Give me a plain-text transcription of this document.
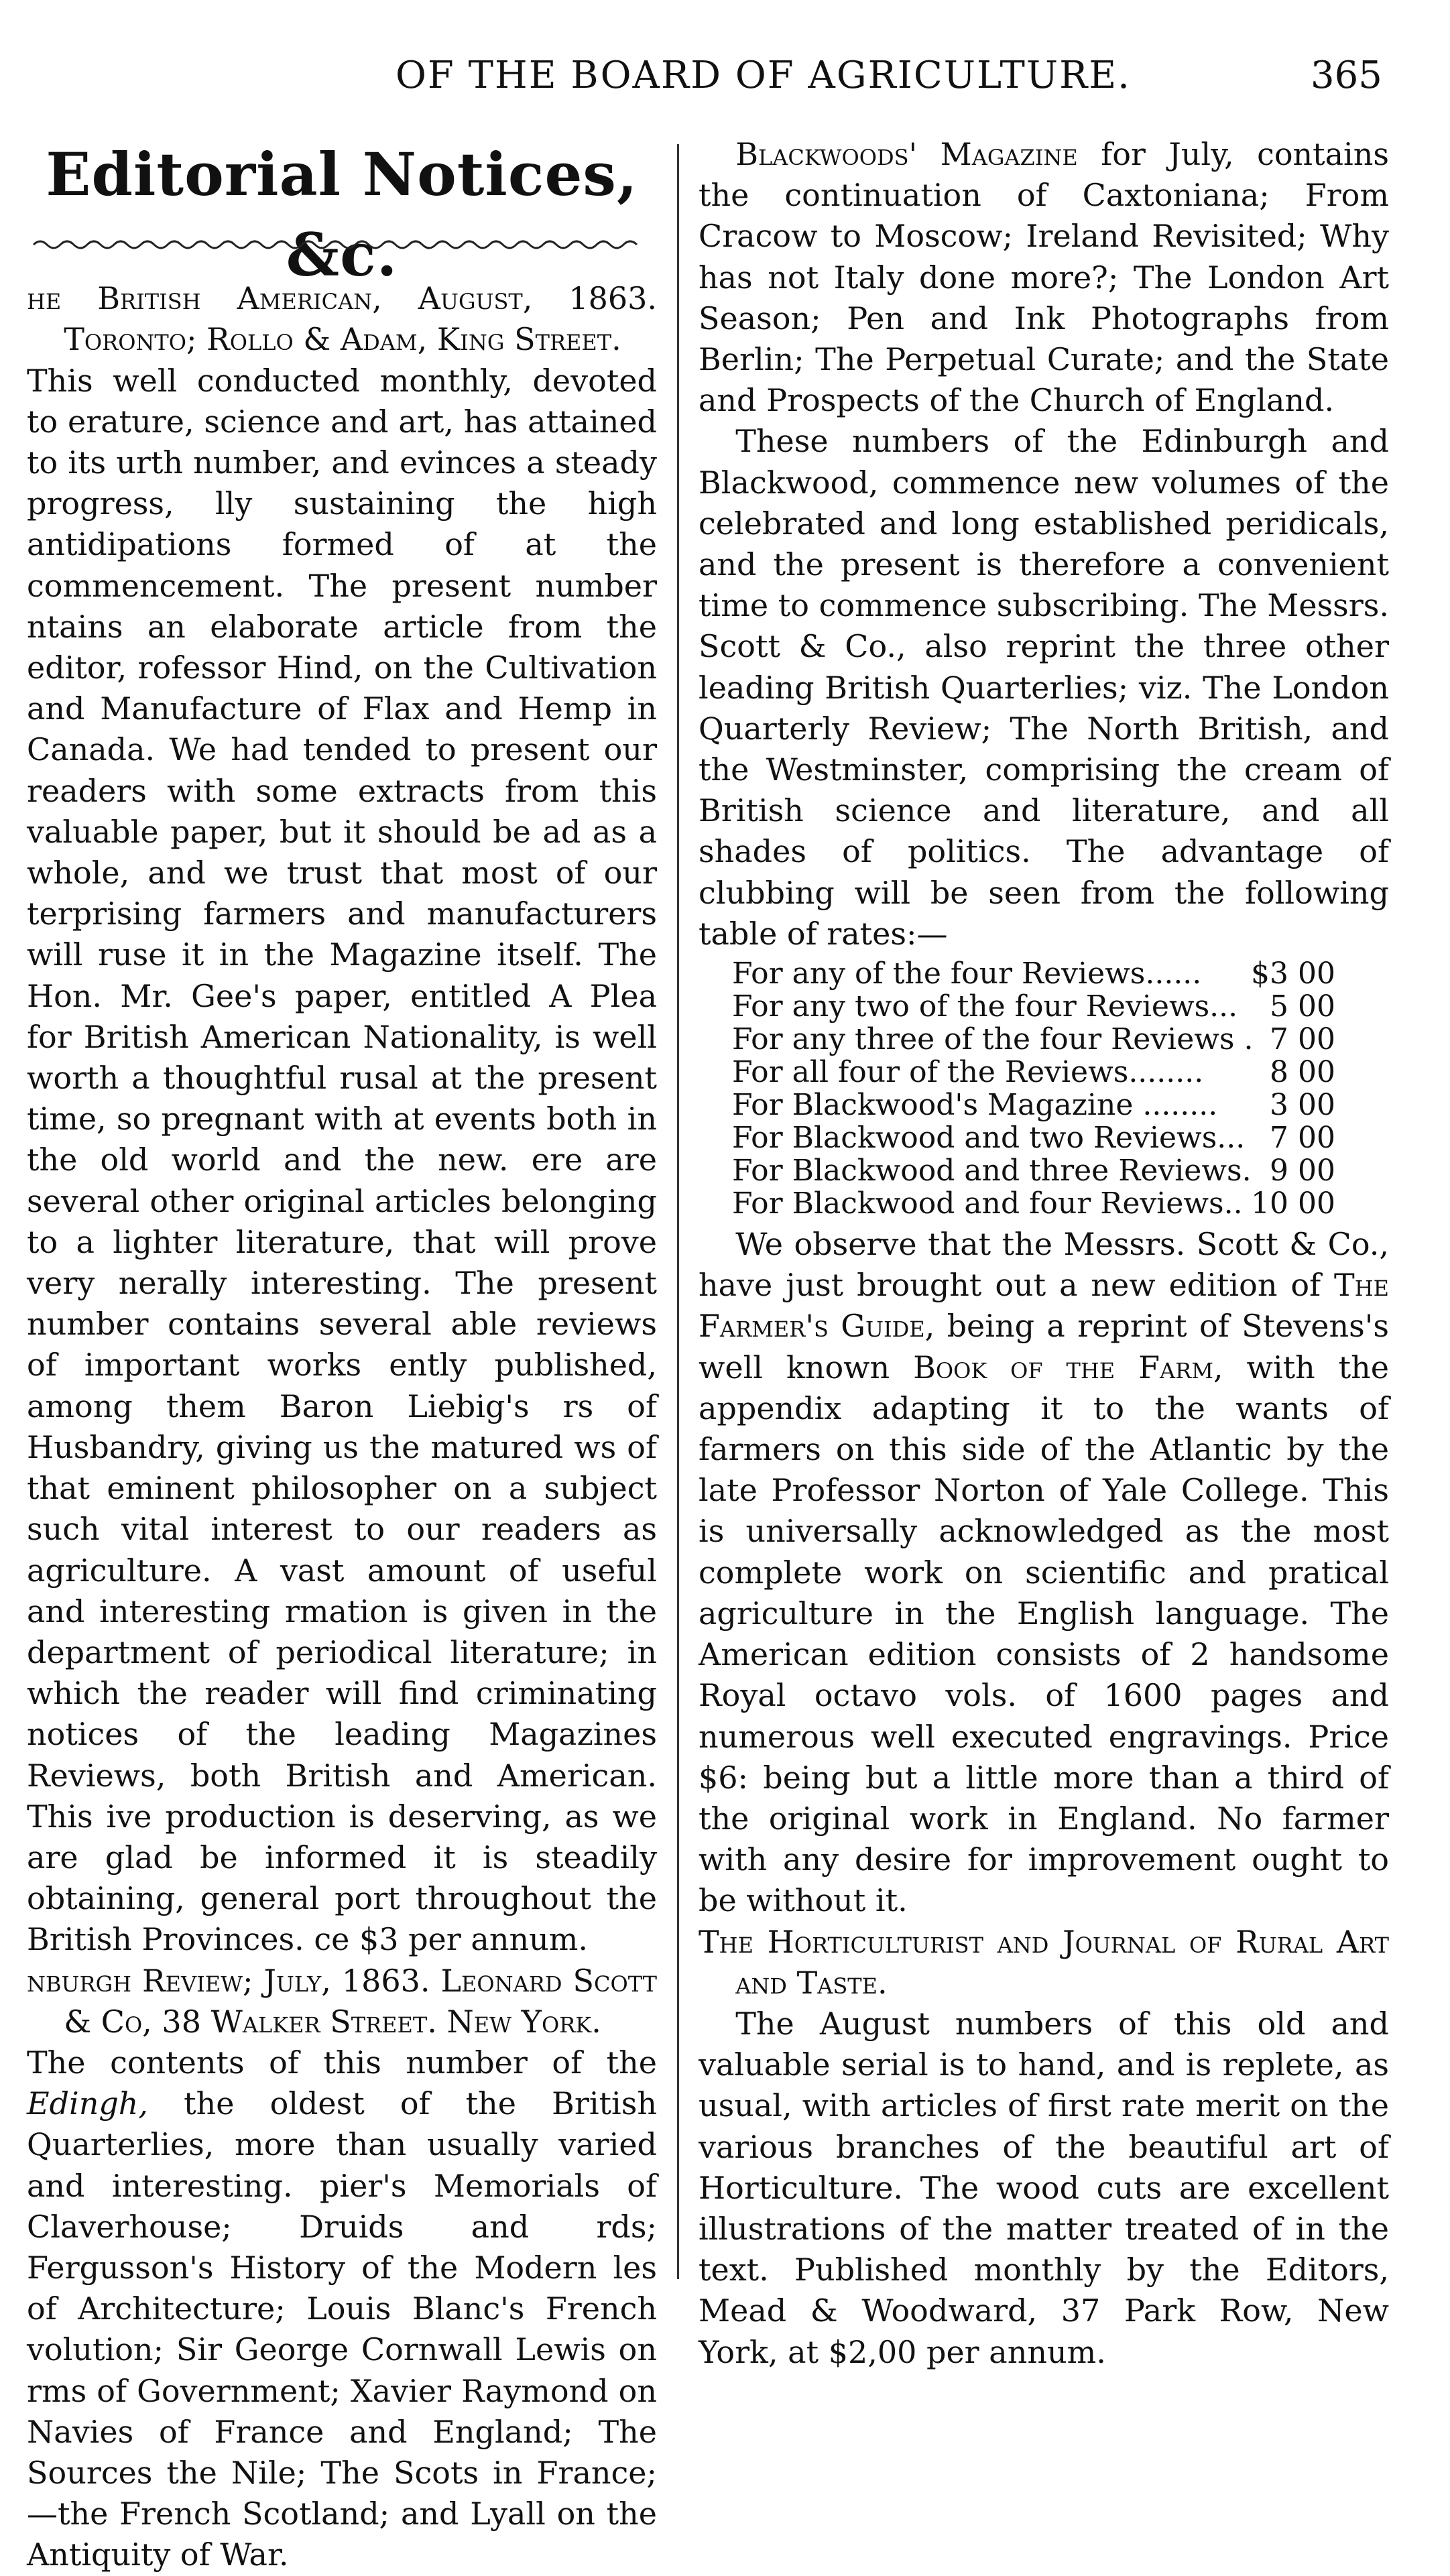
OF THE BOARD OF AGRICULTURE.	365
Editorial Notices, &c.

he British American, August, 1863. Toronto; Rollo & Adam, King Street.

This well conducted monthly, devoted to erature, science and art, has attained to its urth number, and evinces a steady progress, lly sustaining the high antidipations formed of at the commencement. The present number ntains an elaborate article from the editor, rofessor Hind, on the Cultivation and Manufacture of Flax and Hemp in Canada. We had tended to present our readers with some extracts from this valuable paper, but it should be ad as a whole, and we trust that most of our terprising farmers and manufacturers will ruse it in the Magazine itself. The Hon. Mr. Gee's paper, entitled A Plea for British American Nationality, is well worth a thoughtful rusal at the present time, so pregnant with at events both in the old world and the new. ere are several other original articles belonging to a lighter literature, that will prove very nerally interesting. The present number contains several able reviews of important works ently published, among them Baron Liebig's rs of Husbandry, giving us the matured ws of that eminent philosopher on a subject such vital interest to our readers as agriculture. A vast amount of useful and interesting rmation is given in the department of periodical literature; in which the reader will find criminating notices of the leading Magazines Reviews, both British and American. This ive production is deserving, as we are glad be informed it is steadily obtaining, general port throughout the British Provinces. ce $3 per annum.

nburgh Review; July, 1863. Leonard Scott & Co, 38 Walker Street. New York.

The contents of this number of the Edingh, the oldest of the British Quarterlies, more than usually varied and interesting. pier's Memorials of Claverhouse; Druids and rds; Fergusson's History of the Modern les of Architecture; Louis Blanc's French volution; Sir George Cornwall Lewis on rms of Government; Xavier Raymond on Navies of France and England; The Sources the Nile; The Scots in France;—the French Scotland; and Lyall on the Antiquity of War.

Blackwoods' Magazine for July, contains the continuation of Caxtoniana; From Cracow to Moscow; Ireland Revisited; Why has not Italy done more?; The London Art Season; Pen and Ink Photographs from Berlin; The Perpetual Curate; and the State and Prospects of the Church of England.

These numbers of the Edinburgh and Blackwood, commence new volumes of the celebrated and long established peridicals, and the present is therefore a convenient time to commence subscribing. The Messrs. Scott & Co., also reprint the three other leading British Quarterlies; viz. The London Quarterly Review; The North British, and the Westminster, comprising the cream of British science and literature, and all shades of politics. The advantage of clubbing will be seen from the following table of rates:—

For any of the four Reviews...... $3 00
For any two of the four Reviews... 5 00
For any three of the four Reviews . 7 00
For all four of the Reviews........ 8 00
For Blackwood's Magazine ........ 3 00
For Blackwood and two Reviews... 7 00
For Blackwood and three Reviews. 9 00
For Blackwood and four Reviews.. 10 00

We observe that the Messrs. Scott & Co., have just brought out a new edition of The Farmer's Guide, being a reprint of Stevens's well known Book of the Farm, with the appendix adapting it to the wants of farmers on this side of the Atlantic by the late Professor Norton of Yale College. This is universally acknowledged as the most complete work on scientific and pratical agriculture in the English language. The American edition consists of 2 handsome Royal octavo vols. of 1600 pages and numerous well executed engravings. Price $6: being but a little more than a third of the original work in England. No farmer with any desire for improvement ought to be without it.

The Horticulturist and Journal of Rural Art and Taste.

The August numbers of this old and valuable serial is to hand, and is replete, as usual, with articles of first rate merit on the various branches of the beautiful art of Horticulture. The wood cuts are excellent illustrations of the matter treated of in the text. Published monthly by the Editors, Mead & Woodward, 37 Park Row, New York, at $2,00 per annum.
